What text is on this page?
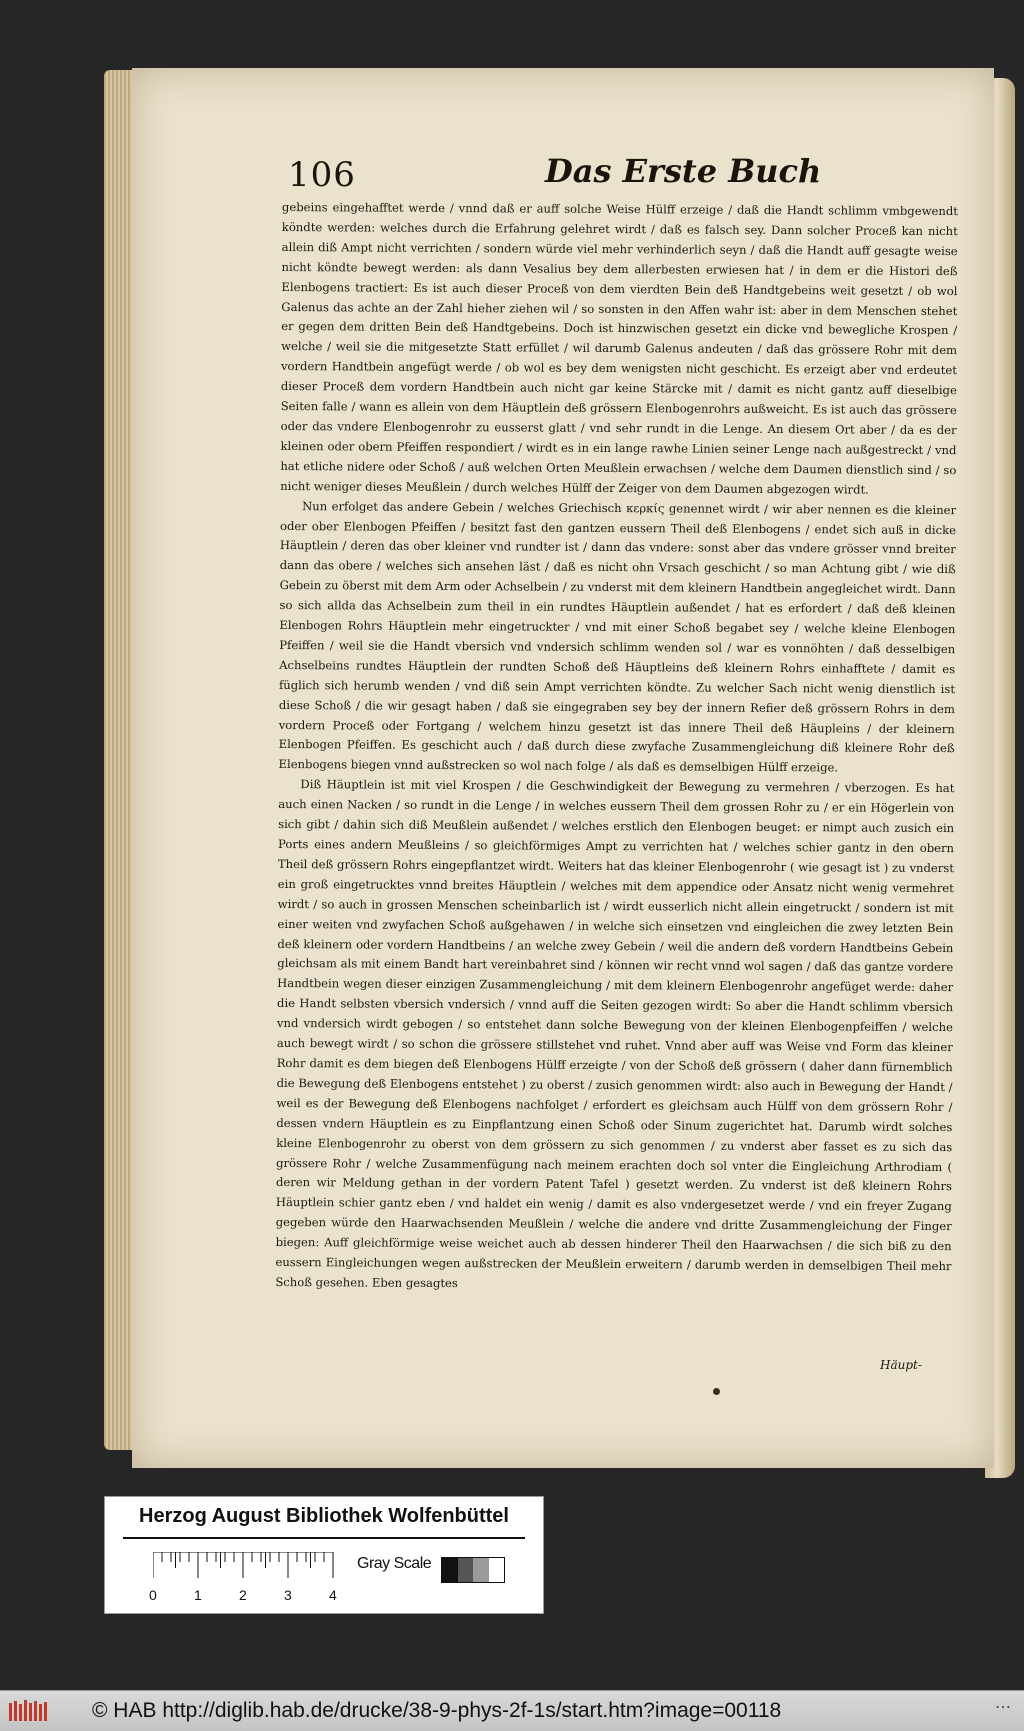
106	Das Erste Buch

gebeins eingehafftet werde / vnnd daß er auff solche Weise Hülff erzeige / daß die Handt schlimm vmbgewendt köndte werden: welches durch die Erfahrung gelehret wirdt / daß es falsch sey. Dann solcher Proceß kan nicht allein diß Ampt nicht verrichten / sondern würde viel mehr verhinderlich seyn / daß die Handt auff gesagte weise nicht köndte bewegt werden: als dann Vesalius bey dem allerbesten erwiesen hat / in dem er die Histori deß Elenbogens tractiert: Es ist auch dieser Proceß von dem vierdten Bein deß Handtgebeins weit gesetzt / ob wol Galenus das achte an der Zahl hieher ziehen wil / so sonsten in den Affen wahr ist: aber in dem Menschen stehet er gegen dem dritten Bein deß Handtgebeins. Doch ist hinzwischen gesetzt ein dicke vnd bewegliche Krospen / welche / weil sie die mitgesetzte Statt erfüllet / wil darumb Galenus andeuten / daß das grössere Rohr mit dem vordern Handtbein angefügt werde / ob wol es bey dem wenigsten nicht geschicht. Es erzeigt aber vnd erdeutet dieser Proceß dem vordern Handtbein auch nicht gar keine Stärcke mit / damit es nicht gantz auff dieselbige Seiten falle / wann es allein von dem Häuptlein deß grössern Elenbogenrohrs außweicht. Es ist auch das grössere oder das vndere Elenbogenrohr zu eusserst glatt / vnd sehr rundt in die Lenge. An diesem Ort aber / da es der kleinen oder obern Pfeiffen respondiert / wirdt es in ein lange rawhe Linien seiner Lenge nach außgestreckt / vnd hat etliche nidere oder Schoß / auß welchen Orten Meußlein erwachsen / welche dem Daumen dienstlich sind / so nicht weniger dieses Meußlein / durch welches Hülff der Zeiger von dem Daumen abgezogen wirdt.

Nun erfolget das andere Gebein / welches Griechisch κερκίς genennet wirdt / wir aber nennen es die kleiner oder ober Elenbogen Pfeiffen / besitzt fast den gantzen eussern Theil deß Elenbogens / endet sich auß in dicke Häuptlein / deren das ober kleiner vnd rundter ist / dann das vndere: sonst aber das vndere grösser vnnd breiter dann das obere / welches sich ansehen läst / daß es nicht ohn Vrsach geschicht / so man Achtung gibt / wie diß Gebein zu öberst mit dem Arm oder Achselbein / zu vnderst mit dem kleinern Handtbein angegleichet wirdt. Dann so sich allda das Achselbein zum theil in ein rundtes Häuptlein außendet / hat es erfordert / daß deß kleinen Elenbogen Rohrs Häuptlein mehr eingetruckter / vnd mit einer Schoß begabet sey / welche kleine Elenbogen Pfeiffen / weil sie die Handt vbersich vnd vndersich schlimm wenden sol / war es vonnöhten / daß desselbigen Achselbeins rundtes Häuptlein der rundten Schoß deß Häuptleins deß kleinern Rohrs einhafftete / damit es füglich sich herumb wenden / vnd diß sein Ampt verrichten köndte. Zu welcher Sach nicht wenig dienstlich ist diese Schoß / die wir gesagt haben / daß sie eingegraben sey bey der innern Refier deß grössern Rohrs in dem vordern Proceß oder Fortgang / welchem hinzu gesetzt ist das innere Theil deß Häupleins / der kleinern Elenbogen Pfeiffen. Es geschicht auch / daß durch diese zwyfache Zusammengleichung diß kleinere Rohr deß Elenbogens biegen vnnd außstrecken so wol nach folge / als daß es demselbigen Hülff erzeige.

Diß Häuptlein ist mit viel Krospen / die Geschwindigkeit der Bewegung zu vermehren / vberzogen. Es hat auch einen Nacken / so rundt in die Lenge / in welches eussern Theil dem grossen Rohr zu / er ein Högerlein von sich gibt / dahin sich diß Meußlein außendet / welches erstlich den Elenbogen beuget: er nimpt auch zusich ein Ports eines andern Meußleins / so gleichförmiges Ampt zu verrichten hat / welches schier gantz in den obern Theil deß grössern Rohrs eingepflantzet wirdt. Weiters hat das kleiner Elenbogenrohr ( wie gesagt ist ) zu vnderst ein groß eingetrucktes vnnd breites Häuptlein / welches mit dem appendice oder Ansatz nicht wenig vermehret wirdt / so auch in grossen Menschen scheinbarlich ist / wirdt eusserlich nicht allein eingetruckt / sondern ist mit einer weiten vnd zwyfachen Schoß außgehawen / in welche sich einsetzen vnd eingleichen die zwey letzten Bein deß kleinern oder vordern Handtbeins / an welche zwey Gebein / weil die andern deß vordern Handtbeins Gebein gleichsam als mit einem Bandt hart vereinbahret sind / können wir recht vnnd wol sagen / daß das gantze vordere Handtbein wegen dieser einzigen Zusammengleichung / mit dem kleinern Elenbogenrohr angefüget werde: daher die Handt selbsten vbersich vndersich / vnnd auff die Seiten gezogen wirdt: So aber die Handt schlimm vbersich vnd vndersich wirdt gebogen / so entstehet dann solche Bewegung von der kleinen Elenbogenpfeiffen / welche auch bewegt wirdt / so schon die grössere stillstehet vnd ruhet. Vnnd aber auff was Weise vnd Form das kleiner Rohr damit es dem biegen deß Elenbogens Hülff erzeigte / von der Schoß deß grössern ( daher dann fürnemblich die Bewegung deß Elenbogens entstehet ) zu oberst / zusich genommen wirdt: also auch in Bewegung der Handt / weil es der Bewegung deß Elenbogens nachfolget / erfordert es gleichsam auch Hülff von dem grössern Rohr / dessen vndern Häuptlein es zu Einpflantzung einen Schoß oder Sinum zugerichtet hat. Darumb wirdt solches kleine Elenbogenrohr zu oberst von dem grössern zu sich genommen / zu vnderst aber fasset es zu sich das grössere Rohr / welche Zusammenfügung nach meinem erachten doch sol vnter die Eingleichung Arthrodiam ( deren wir Meldung gethan in der vordern Patent Tafel ) gesetzt werden. Zu vnderst ist deß kleinern Rohrs Häuptlein schier gantz eben / vnd haldet ein wenig / damit es also vndergesetzet werde / vnd ein freyer Zugang gegeben würde den Haarwachsenden Meußlein / welche die andere vnd dritte Zusammengleichung der Finger biegen: Auff gleichförmige weise weichet auch ab dessen hinderer Theil den Haarwachsen / die sich biß zu den eussern Eingleichungen wegen außstrecken der Meußlein erweitern / darumb werden in demselbigen Theil mehr Schoß gesehen. Eben gesagtes

Häupt-
Herzog August Bibliothek Wolfenbüttel
0	1	2	3	4
Gray Scale
© HAB http://diglib.hab.de/drucke/38-9-phys-2f-1s/start.htm?image=00118	⋯
